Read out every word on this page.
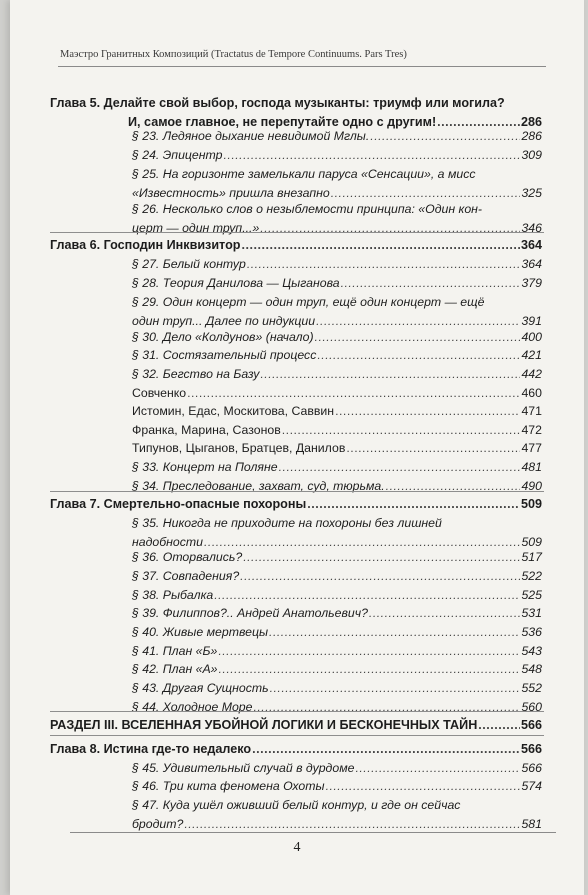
Маэстро Гранитных Композиций (Tractatus de Tempore Continuums. Pars Tres)
Глава 5. Делайте свой выбор, господа музыканты: триумф или могила?
И, самое главное, не перепутайте одно с другим! .....	286
§ 23. Ледяное дыхание невидимой Мглы. .....	286
§ 24. Эпицентр .....	309
§ 25. На горизонте замелькали паруса «Сенсации», а мисс
«Известность» пришла внезапно .....	325
§ 26. Несколько слов о незыблемости принципа: «Один кон-
церт — один труп...» .....	346
Глава 6. Господин Инквизитор .....	364
§ 27. Белый контур .....	364
§ 28. Теория Данилова — Цыганова .....	379
§ 29. Один концерт — один труп, ещё один концерт — ещё
один труп... Далее по индукции .....	391
§ 30. Дело «Колдунов» (начало) .....	400
§ 31. Состязательный процесс .....	421
§ 32. Бегство на Базу .....	442
Совченко .....	460
Истомин, Едас, Москитова, Саввин .....	471
Франка, Марина, Сазонов .....	472
Типунов, Цыганов, Братцев, Данилов .....	477
§ 33. Концерт на Поляне .....	481
§ 34. Преследование, захват, суд, тюрьма. .....	490
Глава 7. Смертельно-опасные похороны .....	509
§ 35. Никогда не приходите на похороны без лишней
надобности .....	509
§ 36. Оторвались? .....	517
§ 37. Совпадения? .....	522
§ 38. Рыбалка .....	525
§ 39. Филиппов?.. Андрей Анатольевич? .....	531
§ 40. Живые мертвецы .....	536
§ 41. План «Б» .....	543
§ 42. План «А» .....	548
§ 43. Другая Сущность .....	552
§ 44. Холодное Море .....	560
РАЗДЕЛ III. ВСЕЛЕННАЯ УБОЙНОЙ ЛОГИКИ И БЕСКОНЕЧНЫХ ТАЙН .....	566
Глава 8. Истина где-то недалеко .....	566
§ 45. Удивительный случай в дурдоме .....	566
§ 46. Три кита феномена Охоты .....	574
§ 47. Куда ушёл оживший белый контур, и где он сейчас
бродит? .....	581
4
